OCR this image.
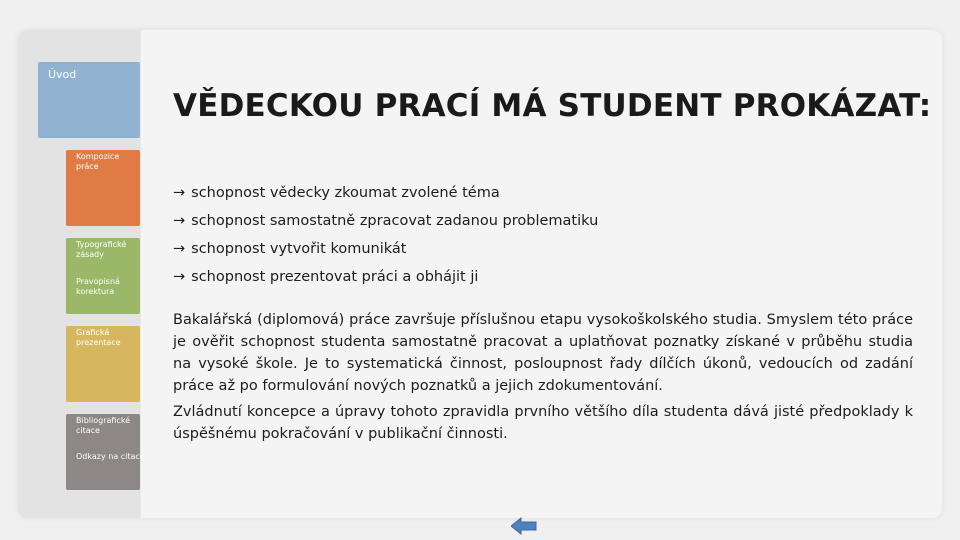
Úvod
Kompozice práce
Typografické zásady
Pravopisná korektura
Grafická prezentace
Bibliografické citace
Odkazy na citace
VĚDECKOU PRACÍ MÁ STUDENT PROKÁZAT:
→ schopnost vědecky zkoumat zvolené téma
→ schopnost samostatně zpracovat zadanou problematiku
→ schopnost vytvořit komunikát
→ schopnost prezentovat práci a obhájit ji

Bakalářská (diplomová) práce završuje příslušnou etapu vysokoškolského studia. Smyslem této práce je ověřit schopnost studenta samostatně pracovat a uplatňovat poznatky získané v průběhu studia na vysoké škole. Je to systematická činnost, posloupnost řady dílčích úkonů, vedoucích od zadání práce až po formulování nových poznatků a jejich zdokumentování.

Zvládnutí koncepce a úpravy tohoto zpravidla prvního většího díla studenta dává jisté předpoklady k úspěšnému pokračování v publikační činnosti.
